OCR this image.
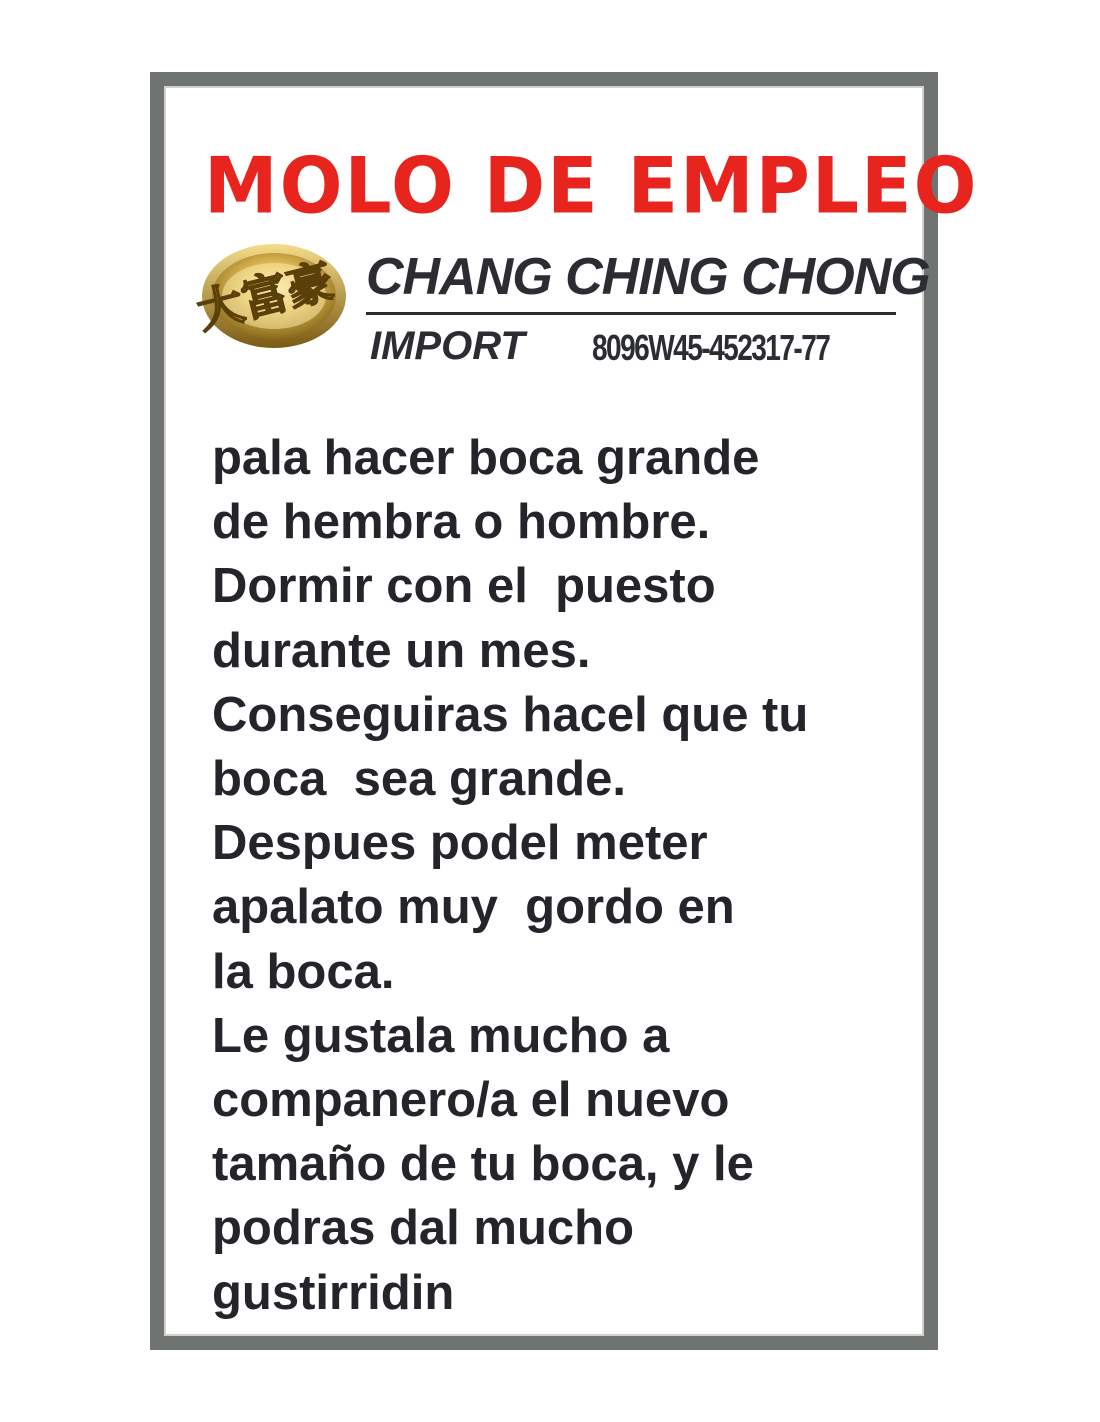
MOLO DE EMPLEO
大富豪 CHANG CHING CHONG
IMPORT 8096W45-452317-77
pala hacer boca grande
de hembra o hombre.
Dormir con el  puesto
durante un mes.
Conseguiras hacel que tu
boca  sea grande.
Despues podel meter
apalato muy  gordo en
la boca.
Le gustala mucho a
companero/a el nuevo
tamaño de tu boca, y le
podras dal mucho
gustirridin
